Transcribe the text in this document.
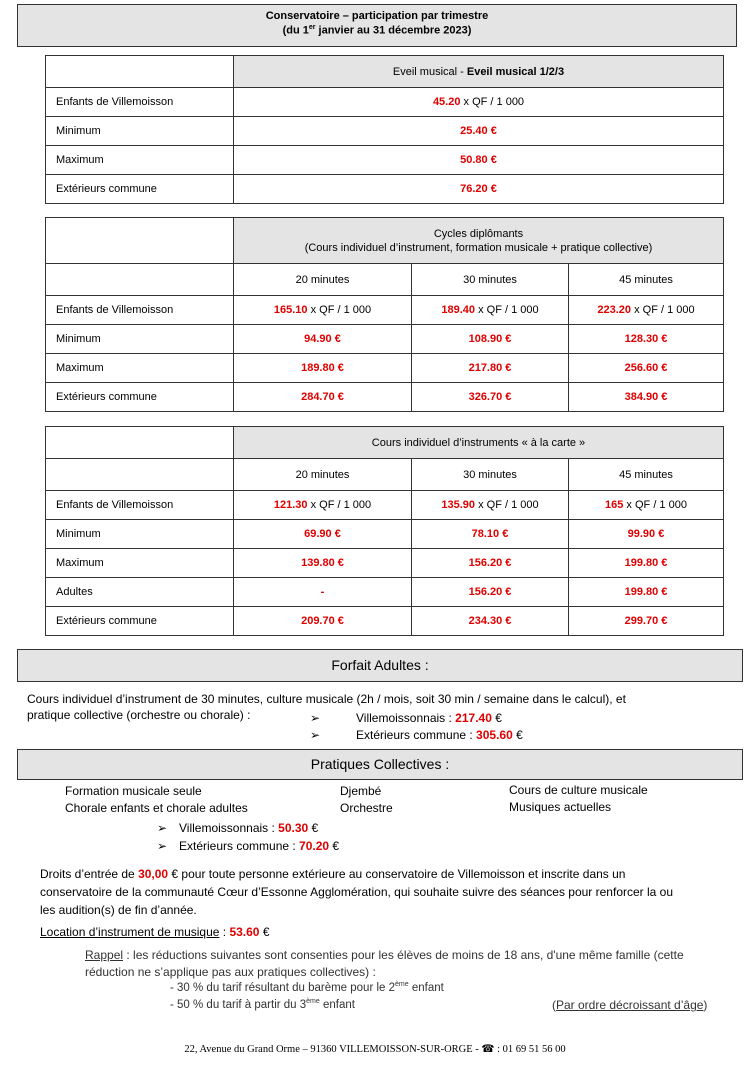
Conservatoire – participation par trimestre
(du 1er janvier au 31 décembre 2023)
	Eveil musical - Eveil musical 1/2/3
Enfants de Villemoisson	45.20 x QF / 1 000
Minimum	25.40 €
Maximum	50.80 €
Extérieurs commune	76.20 €

	Cycles diplômants
(Cours individuel d’instrument, formation musicale + pratique collective)		

	20 minutes	30 minutes	45 minutes
Enfants de Villemoisson	165.10 x QF / 1 000	189.40 x QF / 1 000	223.20 x QF / 1 000
Minimum	94.90 €	108.90 €	128.30 €
Maximum	189.80 €	217.80 €	256.60 €
Extérieurs commune	284.70 €	326.70 €	384.90 €
	Cours individuel d’instruments « à la carte »		
	20 minutes	30 minutes	45 minutes
Enfants de Villemoisson	121.30 x QF / 1 000	135.90 x QF / 1 000	165 x QF / 1 000
Minimum	69.90 €	78.10 €	99.90 €
Maximum	139.80 €	156.20 €	199.80 €
Adultes	-	156.20 €	199.80 €
Extérieurs commune	209.70 €	234.30 €	299.70 €
Forfait Adultes :
Cours individuel d’instrument de 30 minutes, culture musicale (2h / mois, soit 30 min / semaine dans le calcul), et
pratique collective (orchestre ou chorale) :	➢	Villemoissonnais : 217.40 €
➢	Extérieurs commune : 305.60 €
Pratiques Collectives :
Formation musicale seule
Chorale enfants et chorale adultes
Djembé
Orchestre
Cours de culture musicale
Musiques actuelles
➢ Villemoissonnais : 50.30 €
➢ Extérieurs commune : 70.20 €
Droits d’entrée de 30,00 € pour toute personne extérieure au conservatoire de Villemoisson et inscrite dans un
conservatoire de la communauté Cœur d’Essonne Agglomération, qui souhaite suivre des séances pour renforcer la ou
les audition(s) de fin d’année.
Location d’instrument de musique : 53.60 €
Rappel : les réductions suivantes sont consenties pour les élèves de moins de 18 ans, d'une même famille (cette
réduction ne s’applique pas aux pratiques collectives) :
- 30 % du tarif résultant du barème pour le 2ème enfant
- 50 % du tarif à partir du 3ème enfant	(Par ordre décroissant d’âge)
22, Avenue du Grand Orme – 91360 VILLEMOISSON-SUR-ORGE - ☎ : 01 69 51 56 00
